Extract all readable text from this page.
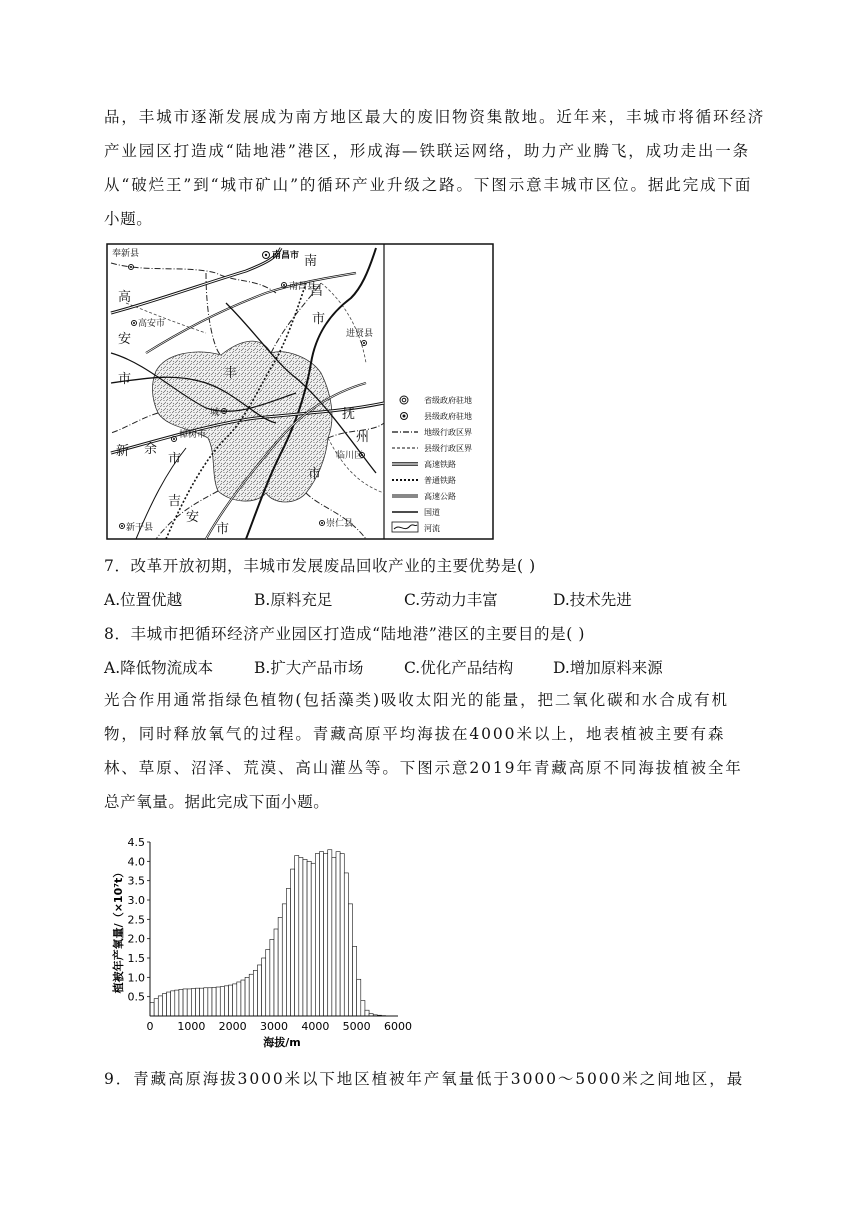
品，丰城市逐渐发展成为南方地区最大的废旧物资集散地。近年来，丰城市将循环经济
产业园区打造成“陆地港”港区，形成海—铁联运网络，助力产业腾飞，成功走出一条
从“破烂王”到“城市矿山”的循环产业升级之路。下图示意丰城市区位。据此完成下面
小题。
南昌市
奉新县
高安市
南昌县
进贤县
樟树市
城
临川区
新干县	崇仁县
高
安
市
南
昌
市
抚
州
市
吉
安
市
新 余
市
丰
省级政府驻地
县级政府驻地
地级行政区界
县级行政区界
高速铁路
普通铁路
高速公路
国道
河流
7．改革开放初期，丰城市发展废品回收产业的主要优势是( )
A.位置优越	B.原料充足	C.劳动力丰富	D.技术先进
8．丰城市把循环经济产业园区打造成“陆地港”港区的主要目的是( )
A.降低物流成本	B.扩大产品市场	C.优化产品结构	D.增加原料来源
光合作用通常指绿色植物(包括藻类)吸收太阳光的能量，把二氧化碳和水合成有机
物，同时释放氧气的过程。青藏高原平均海拔在4000米以上，地表植被主要有森
林、草原、沼泽、荒漠、高山灌丛等。下图示意2019年青藏高原不同海拔植被全年
总产氧量。据此完成下面小题。
0.5
1.0
1.5
2.0
2.5
3.0
3.5
4.0
4.5
0 1000 2000 3000 4000 5000 6000
植被年产氧量/（×10⁷t）
海拔/m
9．青藏高原海拔3000米以下地区植被年产氧量低于3000～5000米之间地区，最
